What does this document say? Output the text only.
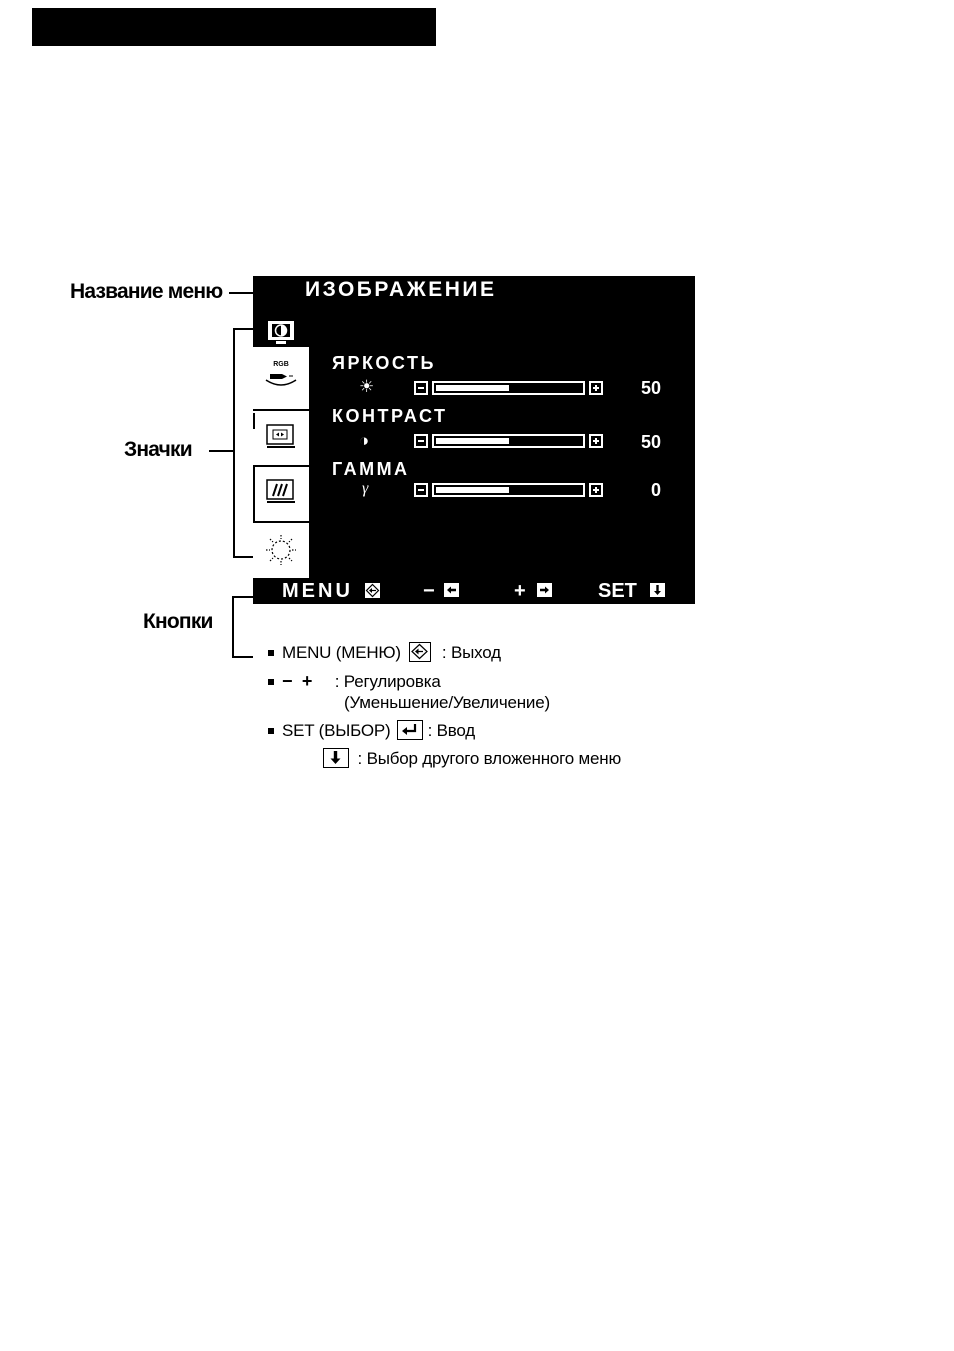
Название меню
Значки
Кнопки
ИЗОБРАЖЕНИЕ
RGB	ЯРКОСТЬ
☀	50
КОНТРАСТ
◑	50
ГАММА
γ	0
MENU	−	+	SET
MENU (МЕНЮ) : Выход
−  + : Регулировка
(Уменьшение/Увеличение)
SET (ВЫБОР) : Ввод
: Выбор другого вложенного меню
